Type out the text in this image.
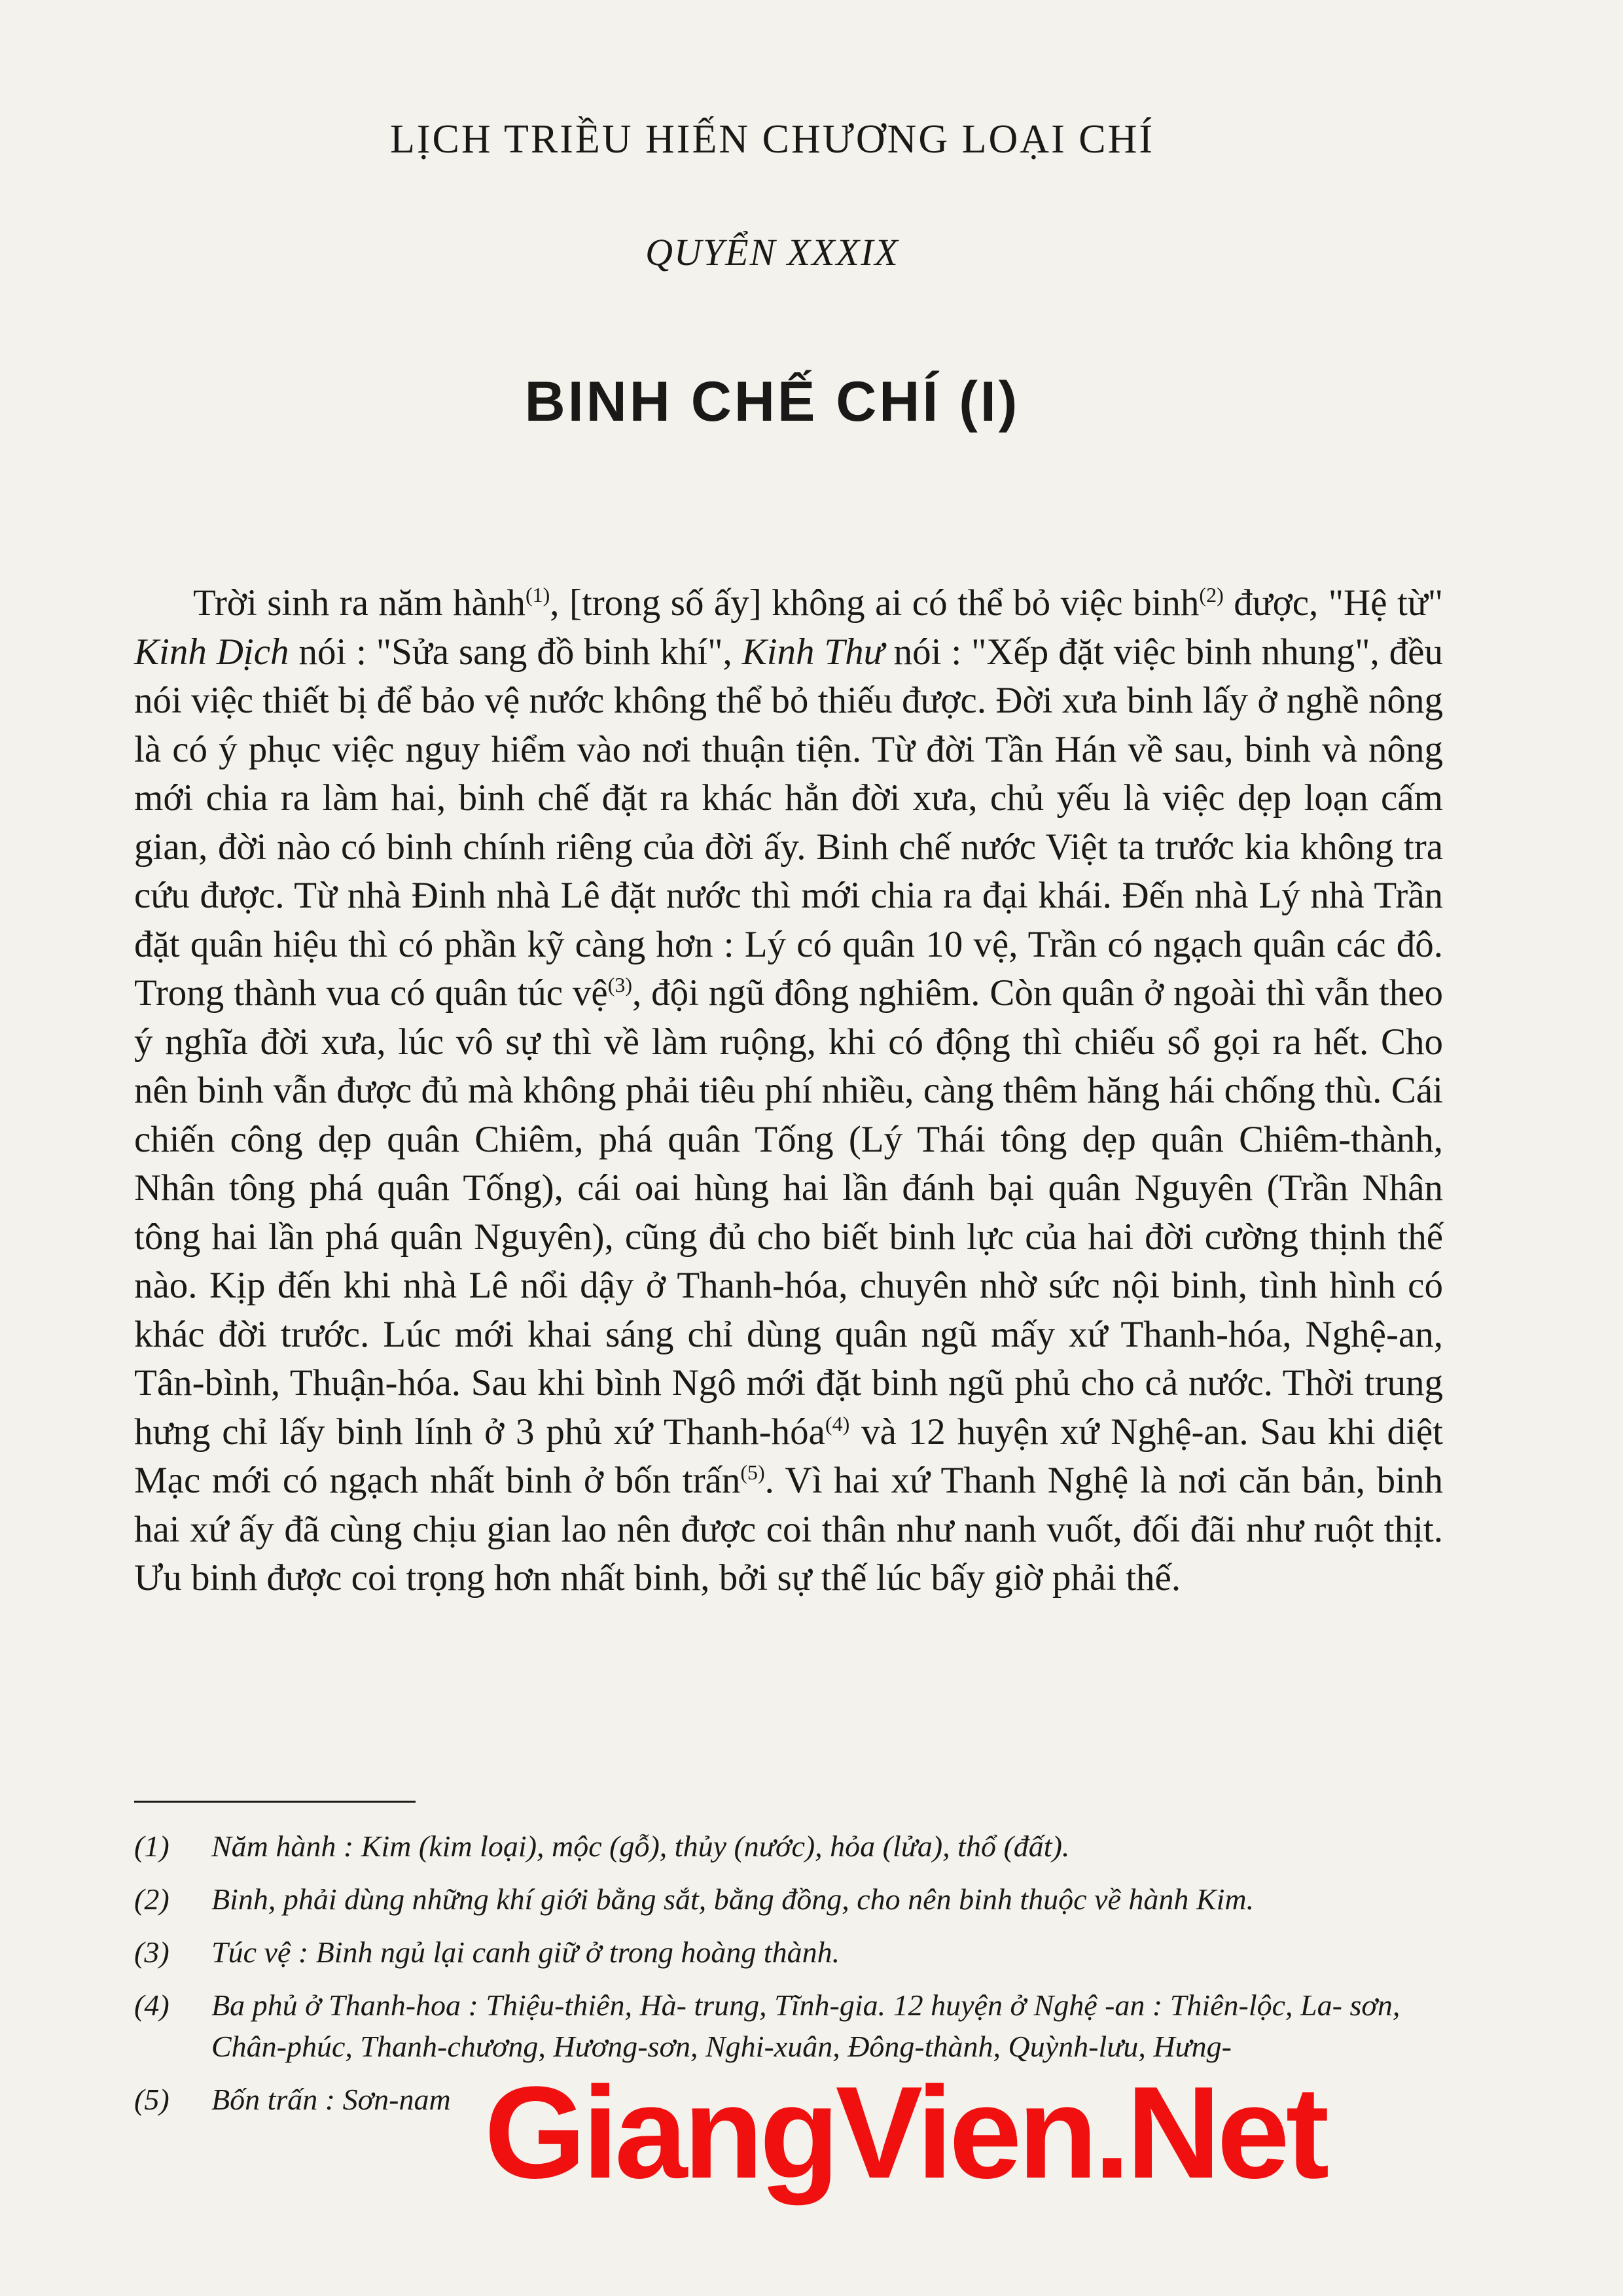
LỊCH TRIỀU HIẾN CHƯƠNG LOẠI CHÍ
QUYỂN XXXIX
BINH CHẾ CHÍ (I)

Trời sinh ra năm hành$^{(1)}$, [trong số ấy] không ai có thể bỏ việc binh$^{(2)}$ được, "Hệ từ" Kinh Dịch nói : "Sửa sang đồ binh khí", Kinh Thư nói : "Xếp đặt việc binh nhung", đều nói việc thiết bị để bảo vệ nước không thể bỏ thiếu được. Đời xưa binh lấy ở nghề nông là có ý phục việc nguy hiểm vào nơi thuận tiện. Từ đời Tần Hán về sau, binh và nông mới chia ra làm hai, binh chế đặt ra khác hẳn đời xưa, chủ yếu là việc dẹp loạn cấm gian, đời nào có binh chính riêng của đời ấy. Binh chế nước Việt ta trước kia không tra cứu được. Từ nhà Đinh nhà Lê đặt nước thì mới chia ra đại khái. Đến nhà Lý nhà Trần đặt quân hiệu thì có phần kỹ càng hơn : Lý có quân 10 vệ, Trần có ngạch quân các đô. Trong thành vua có quân túc vệ$^{(3)}$, đội ngũ đông nghiêm. Còn quân ở ngoài thì vẫn theo ý nghĩa đời xưa, lúc vô sự thì về làm ruộng, khi có động thì chiếu sổ gọi ra hết. Cho nên binh vẫn được đủ mà không phải tiêu phí nhiều, càng thêm hăng hái chống thù. Cái chiến công dẹp quân Chiêm, phá quân Tống (Lý Thái tông dẹp quân Chiêm-thành, Nhân tông phá quân Tống), cái oai hùng hai lần đánh bại quân Nguyên (Trần Nhân tông hai lần phá quân Nguyên), cũng đủ cho biết binh lực của hai đời cường thịnh thế nào. Kịp đến khi nhà Lê nổi dậy ở Thanh-hóa, chuyên nhờ sức nội binh, tình hình có khác đời trước. Lúc mới khai sáng chỉ dùng quân ngũ mấy xứ Thanh-hóa, Nghệ-an, Tân-bình, Thuận-hóa. Sau khi bình Ngô mới đặt binh ngũ phủ cho cả nước. Thời trung hưng chỉ lấy binh lính ở 3 phủ xứ Thanh-hóa$^{(4)}$ và 12 huyện xứ Nghệ-an. Sau khi diệt Mạc mới có ngạch nhất binh ở bốn trấn$^{(5)}$. Vì hai xứ Thanh Nghệ là nơi căn bản, binh hai xứ ấy đã cùng chịu gian lao nên được coi thân như nanh vuốt, đối đãi như ruột thịt. Ưu binh được coi trọng hơn nhất binh, bởi sự thế lúc bấy giờ phải thế.

(1) Năm hành : Kim (kim loại), mộc (gỗ), thủy (nước), hỏa (lửa), thổ (đất).
(2) Binh, phải dùng những khí giới bằng sắt, bằng đồng, cho nên binh thuộc về hành Kim.
(3) Túc vệ : Binh ngủ lại canh giữ ở trong hoàng thành.
(4) Ba phủ ở Thanh-hoa : Thiệu-thiên, Hà- trung, Tĩnh-gia. 12 huyện ở Nghệ -an : Thiên-lộc, La- sơn, Chân-phúc, Thanh-chương, Hương-sơn, Nghi-xuân, Đông-thành, Quỳnh-lưu, Hưng-
(5) Bốn trấn : Sơn-nam GiangVien.Net
